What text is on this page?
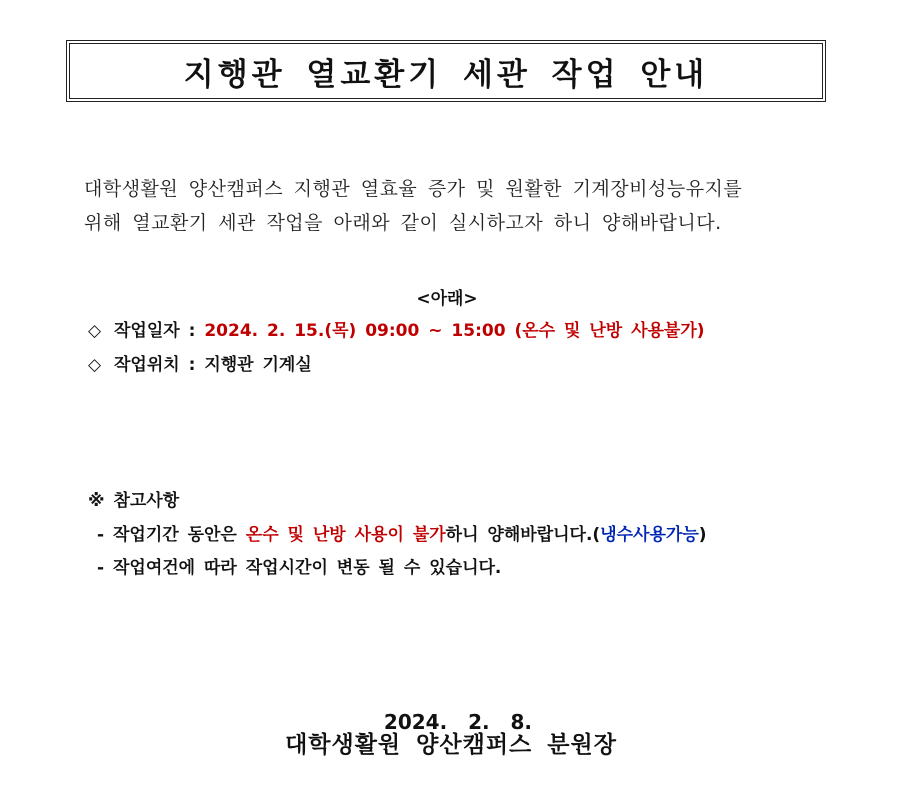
지행관 열교환기 세관 작업 안내
대학생활원 양산캠퍼스 지행관 열효율 증가 및 원활한 기계장비성능유지를
위해 열교환기 세관 작업을 아래와 같이 실시하고자 하니 양해바랍니다.
<아래>
◇ 작업일자 : 2024. 2. 15.(목) 09:00 ~ 15:00 (온수 및 난방 사용불가)
◇ 작업위치 : 지행관 기계실
※ 참고사항
- 작업기간 동안은 온수 및 난방 사용이 불가하니 양해바랍니다.(냉수사용가능)
- 작업여건에 따라 작업시간이 변동 될 수 있습니다.

2024.   2.   8.

대학생활원 양산캠퍼스 분원장
